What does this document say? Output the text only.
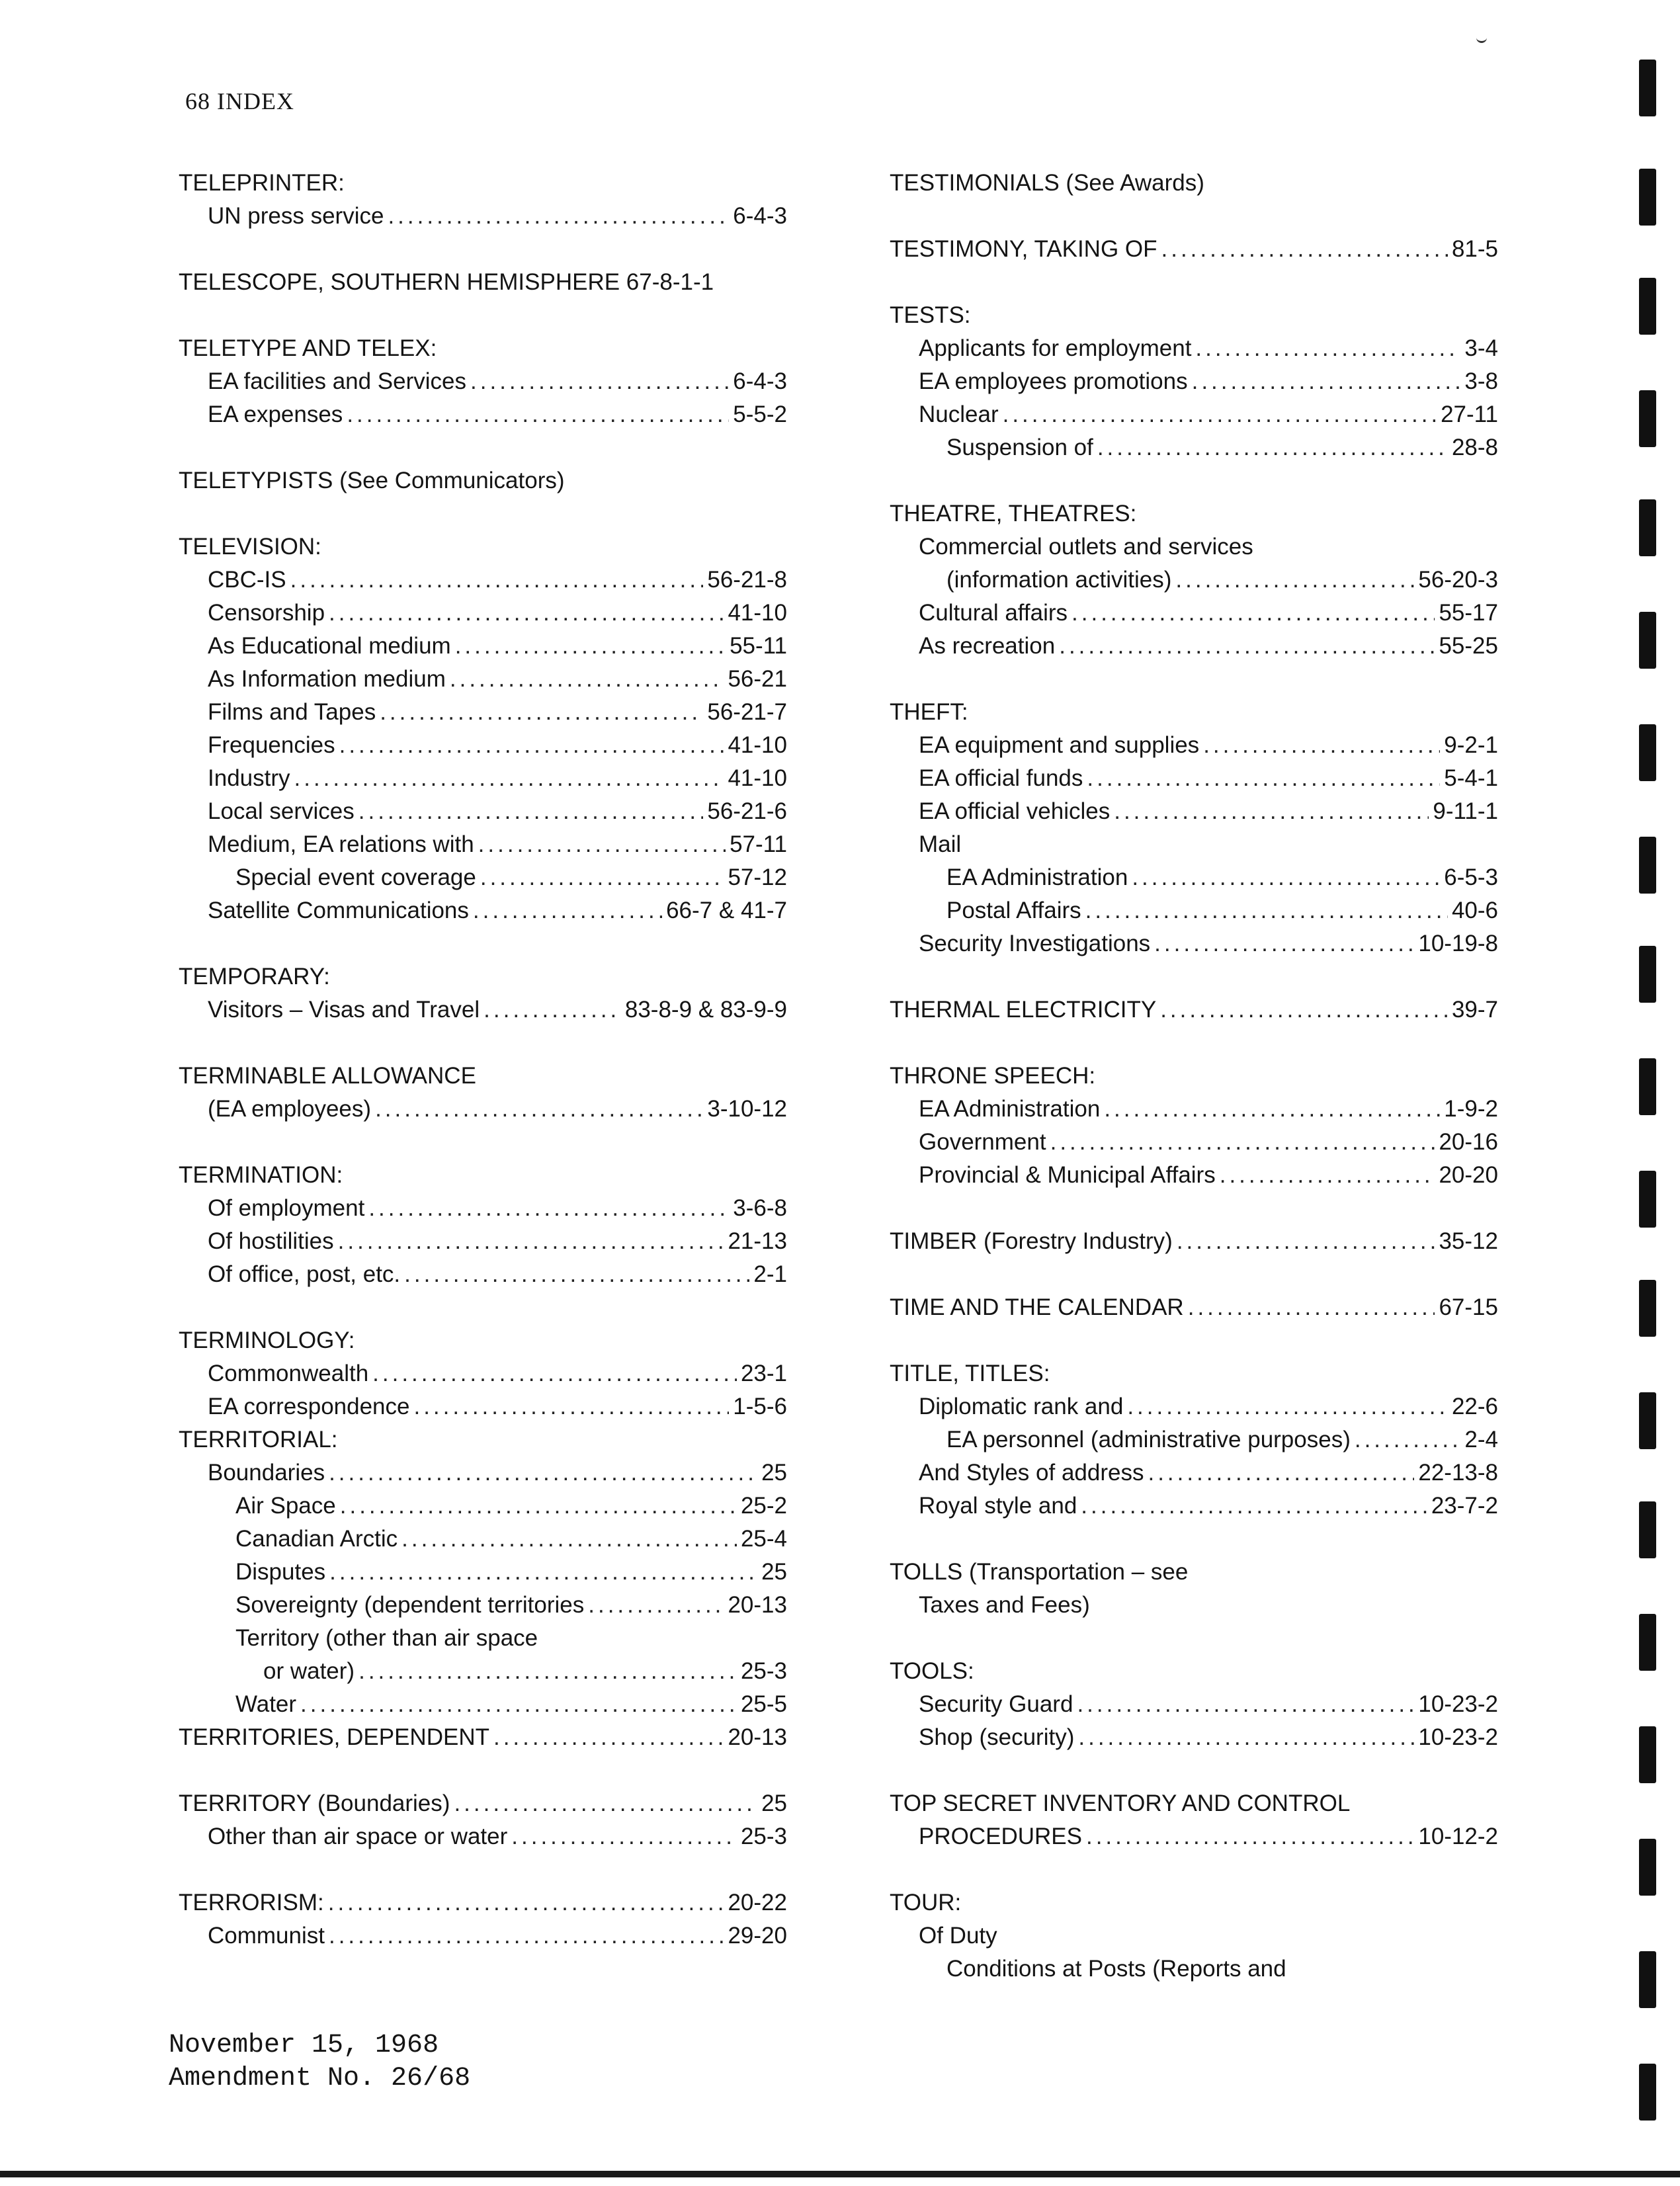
68 INDEX
TELEPRINTER:
UN press service .....	6-4-3
TELESCOPE, SOUTHERN HEMISPHERE 67-8-1-1
TELETYPE AND TELEX:
EA facilities and Services .....	6-4-3
EA expenses .....	5-5-2
TELETYPISTS (See Communicators)
TELEVISION:
CBC-IS .....	56-21-8
Censorship .....	41-10
As Educational medium .....	55-11
As Information medium .....	56-21
Films and Tapes .....	56-21-7
Frequencies .....	41-10
Industry .....	41-10
Local services .....	56-21-6
Medium, EA relations with .....	57-11
Special event coverage .....	57-12
Satellite Communications .....	66-7 & 41-7
TEMPORARY:
Visitors – Visas and Travel .....	83-8-9 & 83-9-9
TERMINABLE ALLOWANCE
(EA employees) .....	3-10-12
TERMINATION:
Of employment .....	3-6-8
Of hostilities .....	21-13
Of office, post, etc. .....	2-1
TERMINOLOGY:
Commonwealth .....	23-1
EA correspondence .....	1-5-6
TERRITORIAL:
Boundaries .....	25
Air Space .....	25-2
Canadian Arctic .....	25-4
Disputes .....	25
Sovereignty (dependent territories .....	20-13
Territory (other than air space
or water) .....	25-3
Water .....	25-5
TERRITORIES, DEPENDENT .....	20-13
TERRITORY (Boundaries) .....	25
Other than air space or water .....	25-3
TERRORISM: .....	20-22
Communist .....	29-20
TESTIMONIALS (See Awards)
TESTIMONY, TAKING OF .....	81-5
TESTS:
Applicants for employment .....	3-4
EA employees promotions .....	3-8
Nuclear .....	27-11
Suspension of .....	28-8
THEATRE, THEATRES:
Commercial outlets and services
(information activities) .....	56-20-3
Cultural affairs .....	55-17
As recreation .....	55-25
THEFT:
EA equipment and supplies .....	9-2-1
EA official funds .....	5-4-1
EA official vehicles .....	9-11-1
Mail
EA Administration .....	6-5-3
Postal Affairs .....	40-6
Security Investigations .....	10-19-8
THERMAL ELECTRICITY .....	39-7
THRONE SPEECH:
EA Administration .....	1-9-2
Government .....	20-16
Provincial & Municipal Affairs .....	20-20
TIMBER (Forestry Industry) .....	35-12
TIME AND THE CALENDAR .....	67-15
TITLE, TITLES:
Diplomatic rank and .....	22-6
EA personnel (administrative purposes) .....	2-4
And Styles of address .....	22-13-8
Royal style and .....	23-7-2
TOLLS (Transportation – see
Taxes and Fees)
TOOLS:
Security Guard .....	10-23-2
Shop (security) .....	10-23-2
TOP SECRET INVENTORY AND CONTROL
PROCEDURES .....	10-12-2
TOUR:
Of Duty
Conditions at Posts (Reports and
November 15, 1968
Amendment No. 26/68
